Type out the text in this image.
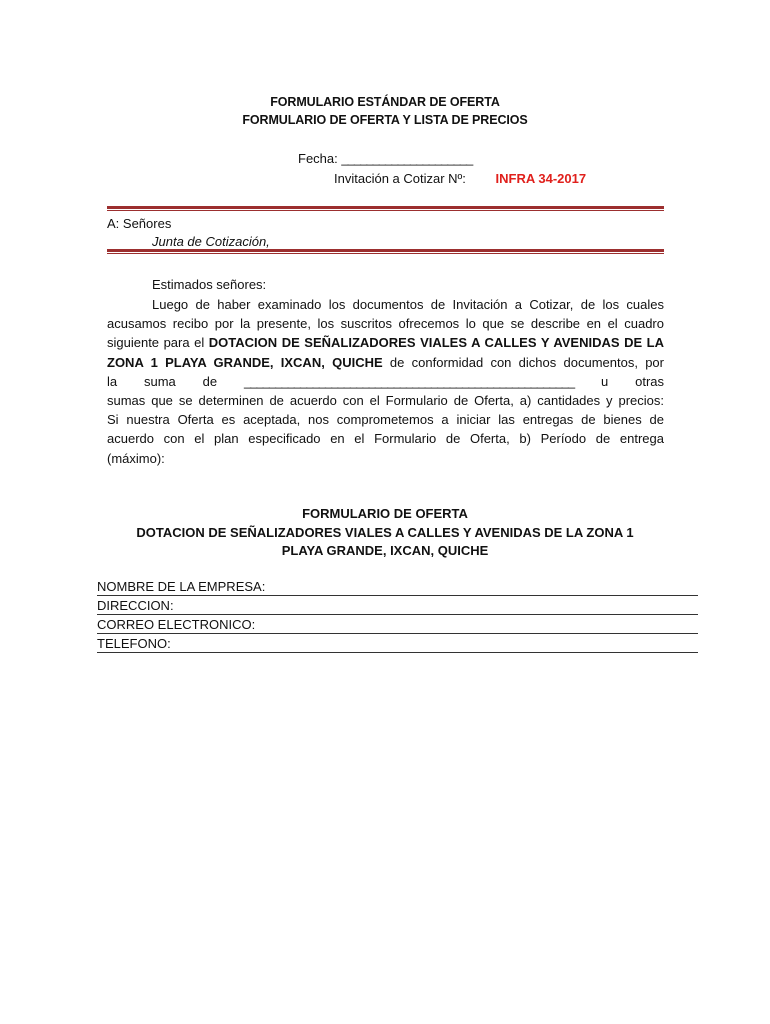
FORMULARIO ESTÁNDAR DE OFERTA
FORMULARIO DE OFERTA Y LISTA DE PRECIOS
Fecha: _____________________
Invitación a Cotizar Nº: INFRA 34-2017
A: Señores
Junta de Cotización,
Estimados señores:
Luego de haber examinado los documentos de Invitación a Cotizar, de los cuales
acusamos recibo por la presente, los suscritos ofrecemos lo que se describe en el cuadro
siguiente para el DOTACION DE SEÑALIZADORES VIALES A CALLES Y AVENIDAS DE LA
ZONA 1 PLAYA GRANDE, IXCAN, QUICHE de conformidad con dichos documentos, por
la suma de _____________________________________________________ u otras
sumas que se determinen de acuerdo con el Formulario de Oferta, a) cantidades y precios:
Si nuestra Oferta es aceptada, nos comprometemos a iniciar las entregas de bienes de
acuerdo con el plan especificado en el Formulario de Oferta, b) Período de entrega
(máximo):
FORMULARIO DE OFERTA
DOTACION DE SEÑALIZADORES VIALES A CALLES Y AVENIDAS DE LA ZONA 1
PLAYA GRANDE, IXCAN, QUICHE
NOMBRE DE LA EMPRESA:
DIRECCION:
CORREO ELECTRONICO:
TELEFONO:
